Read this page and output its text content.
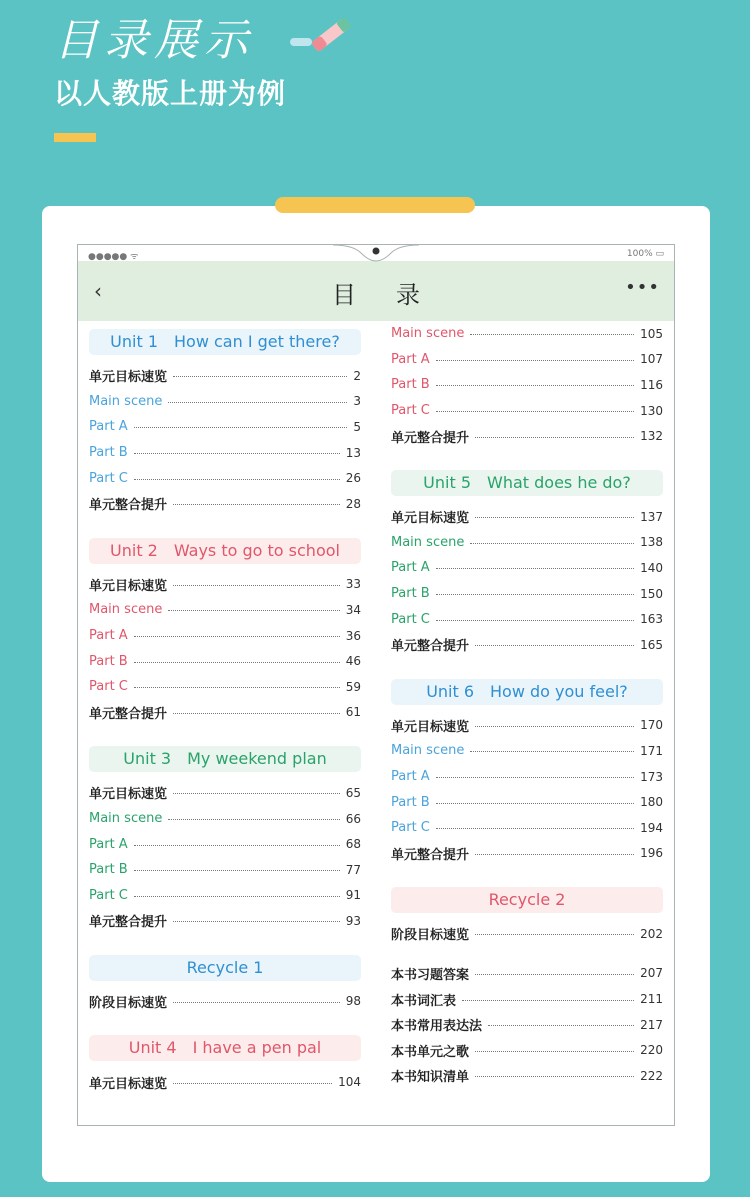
目录展示
以人教版上册为例
‹	目录	•••
●●●●● ᯤ	100% ▭
Unit 1　How can I get there?
单元目标速览	2
Main scene	3
Part A	5
Part B	13
Part C	26
单元整合提升	28
Unit 2　Ways to go to school
单元目标速览	33
Main scene	34
Part A	36
Part B	46
Part C	59
单元整合提升	61
Unit 3　My weekend plan
单元目标速览	65
Main scene	66
Part A	68
Part B	77
Part C	91
单元整合提升	93
Recycle 1
阶段目标速览	98
Unit 4　I have a pen pal
单元目标速览	104
Main scene	105
Part A	107
Part B	116
Part C	130
单元整合提升	132
Unit 5　What does he do?
单元目标速览	137
Main scene	138
Part A	140
Part B	150
Part C	163
单元整合提升	165
Unit 6　How do you feel?
单元目标速览	170
Main scene	171
Part A	173
Part B	180
Part C	194
单元整合提升	196
Recycle 2
阶段目标速览	202
本书习题答案	207
本书词汇表	211
本书常用表达法	217
本书单元之歌	220
本书知识清单	222
